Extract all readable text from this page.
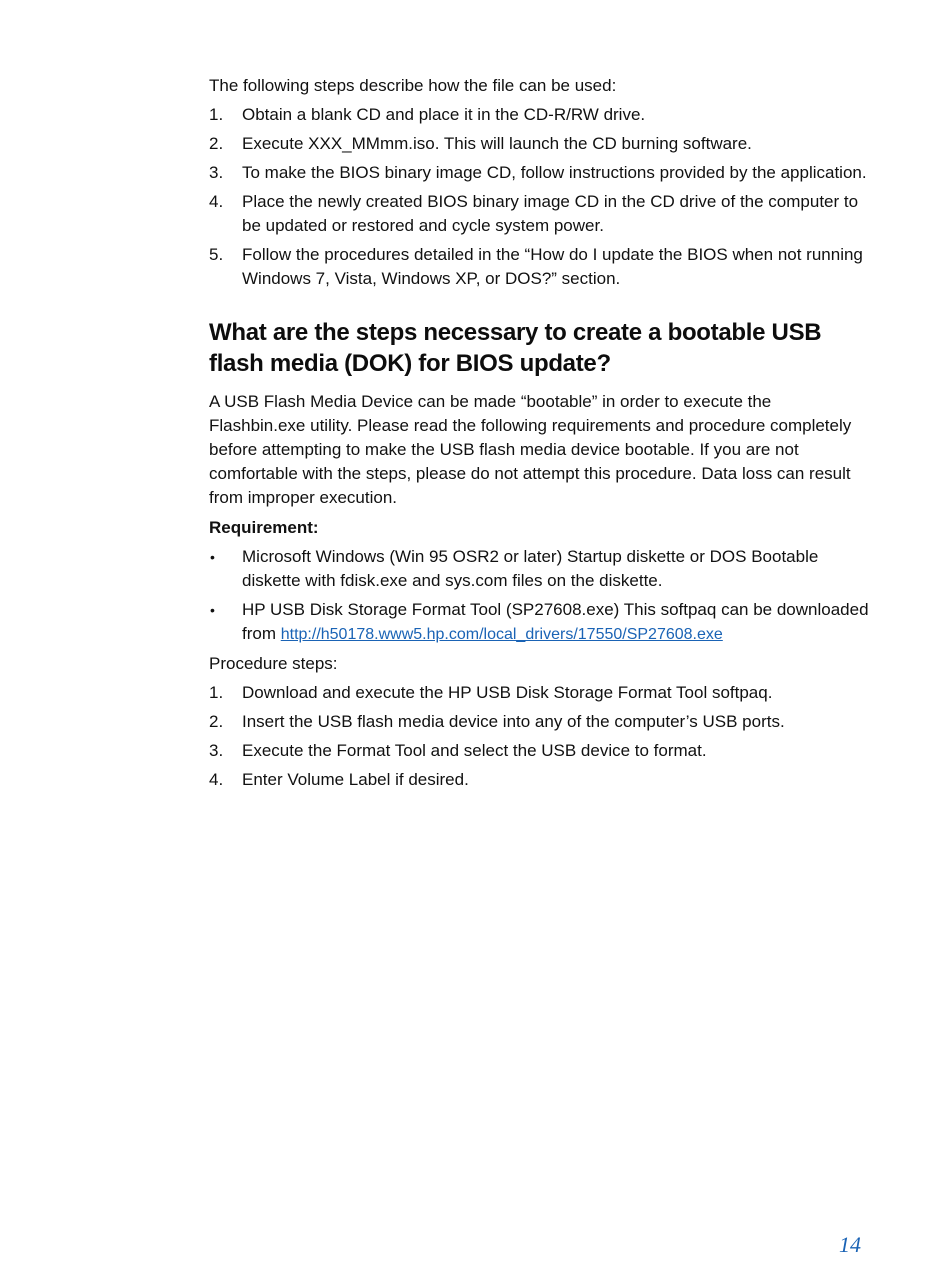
The following steps describe how the file can be used:

1. Obtain a blank CD and place it in the CD-R/RW drive.
2. Execute XXX_MMmm.iso. This will launch the CD burning software.
3. To make the BIOS binary image CD, follow instructions provided by the application.
4. Place the newly created BIOS binary image CD in the CD drive of the computer to be updated or restored and cycle system power.
5. Follow the procedures detailed in the “How do I update the BIOS when not running Windows 7, Vista, Windows XP, or DOS?” section.
What are the steps necessary to create a bootable USB flash media (DOK) for BIOS update?

A USB Flash Media Device can be made “bootable” in order to execute the Flashbin.exe utility. Please read the following requirements and procedure completely before attempting to make the USB flash media device bootable. If you are not comfortable with the steps, please do not attempt this procedure. Data loss can result from improper execution.

Requirement:

• Microsoft Windows (Win 95 OSR2 or later) Startup diskette or DOS Bootable diskette with fdisk.exe and sys.com files on the diskette.
• HP USB Disk Storage Format Tool (SP27608.exe) This softpaq can be downloaded from http://h50178.www5.hp.com/local_drivers/17550/SP27608.exe

Procedure steps:

1. Download and execute the HP USB Disk Storage Format Tool softpaq.
2. Insert the USB flash media device into any of the computer’s USB ports.
3. Execute the Format Tool and select the USB device to format.
4. Enter Volume Label if desired.
14
